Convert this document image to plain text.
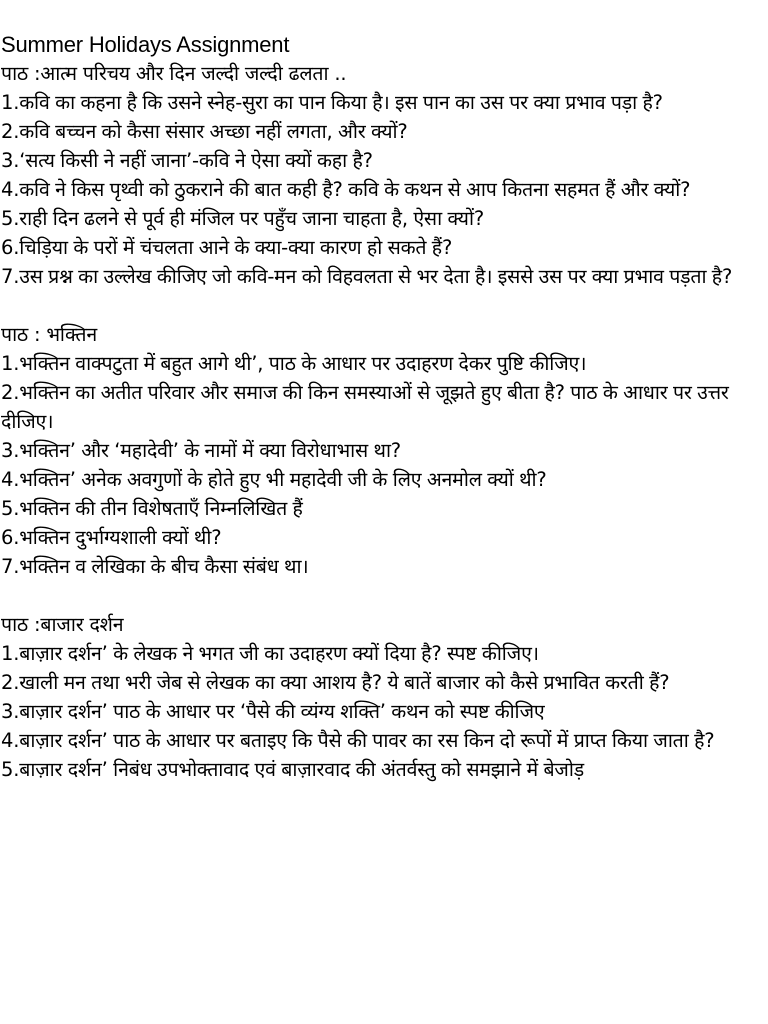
Summer Holidays Assignment
पाठ :आत्म परिचय और दिन जल्दी जल्दी ढलता ..
1.कवि का कहना है कि उसने स्नेह-सुरा का पान किया है। इस पान का उस पर क्या प्रभाव पड़ा है?
2.कवि बच्चन को कैसा संसार अच्छा नहीं लगता, और क्यों?
3.‘सत्य किसी ने नहीं जाना’-कवि ने ऐसा क्यों कहा है?
4.कवि ने किस पृथ्वी को ठुकराने की बात कही है? कवि के कथन से आप कितना सहमत हैं और क्यों?
5.राही दिन ढलने से पूर्व ही मंजिल पर पहुँच जाना चाहता है, ऐसा क्यों?
6.चिड़िया के परों में चंचलता आने के क्या-क्या कारण हो सकते हैं?
7.उस प्रश्न का उल्लेख कीजिए जो कवि-मन को विहवलता से भर देता है। इससे उस पर क्या प्रभाव पड़ता है?
पाठ : भक्तिन
1.भक्तिन वाक्पटुता में बहुत आगे थी’, पाठ के आधार पर उदाहरण देकर पुष्टि कीजिए।
2.भक्तिन का अतीत परिवार और समाज की किन समस्याओं से जूझते हुए बीता है? पाठ के आधार पर उत्तर दीजिए।
3.भक्तिन’ और ‘महादेवी’ के नामों में क्या विरोधाभास था?
4.भक्तिन’ अनेक अवगुणों के होते हुए भी महादेवी जी के लिए अनमोल क्यों थी?
5.भक्तिन की तीन विशेषताएँ निम्नलिखित हैं
6.भक्तिन दुर्भाग्यशाली क्यों थी?
7.भक्तिन व लेखिका के बीच कैसा संबंध था।
पाठ :बाजार दर्शन
1.बाज़ार दर्शन’ के लेखक ने भगत जी का उदाहरण क्यों दिया है? स्पष्ट कीजिए।
2.खाली मन तथा भरी जेब से लेखक का क्या आशय है? ये बातें बाजार को कैसे प्रभावित करती हैं?
3.बाज़ार दर्शन’ पाठ के आधार पर ‘पैसे की व्यंग्य शक्ति’ कथन को स्पष्ट कीजिए
4.बाज़ार दर्शन’ पाठ के आधार पर बताइए कि पैसे की पावर का रस किन दो रूपों में प्राप्त किया जाता है?
5.बाज़ार दर्शन’ निबंध उपभोक्तावाद एवं बाज़ारवाद की अंतर्वस्तु को समझाने में बेजोड़
